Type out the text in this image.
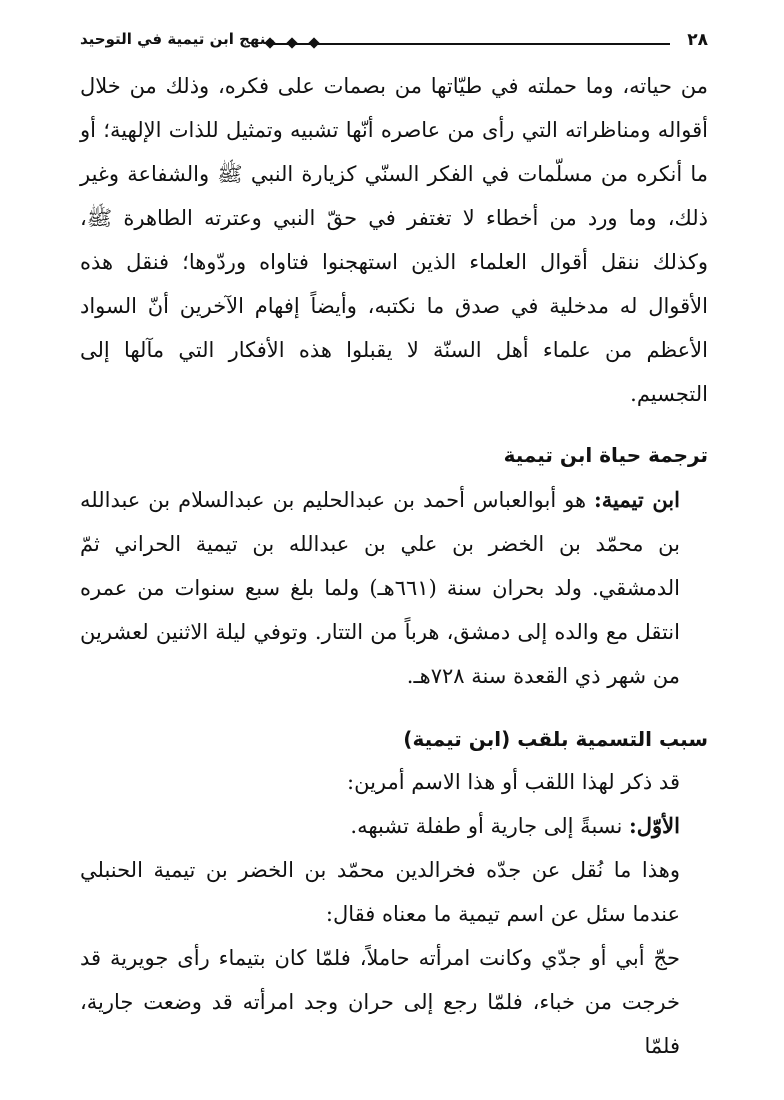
٢٨
منهج ابن تيمية في التوحيد

من حياته، وما حملته في طيّاتها من بصمات على فكره، وذلك من خلال أقواله ومناظراته التي رأى من عاصره أنّها تشبيه وتمثيل للذات الإلهية؛ أو ما أنكره من مسلّمات في الفكر السنّي كزيارة النبي ﷺ والشفاعة وغير ذلك، وما ورد من أخطاء لا تغتفر في حقّ النبي وعترته الطاهرة ﷺ، وكذلك ننقل أقوال العلماء الذين استهجنوا فتاواه وردّوها؛ فنقل هذه الأقوال له مدخلية في صدق ما نكتبه، وأيضاً إفهام الآخرين أنّ السواد الأعظم من علماء أهل السنّة لا يقبلوا هذه الأفكار التي مآلها إلى التجسيم.

ترجمة حياة ابن تيمية

ابن تيمية: هو أبوالعباس أحمد بن عبدالحليم بن عبدالسلام بن عبدالله بن محمّد بن الخضر بن علي بن عبدالله بن تيمية الحراني ثمّ الدمشقي. ولد بحران سنة (٦٦١هـ) ولما بلغ سبع سنوات من عمره انتقل مع والده إلى دمشق، هرباً من التتار. وتوفي ليلة الاثنين لعشرين من شهر ذي القعدة سنة ٧٢٨هـ.

سبب التسمية بلقب (ابن تيمية)

قد ذكر لهذا اللقب أو هذا الاسم أمرين:

الأوّل: نسبةً إلى جارية أو طفلة تشبهه.

وهذا ما نُقل عن جدّه فخرالدين محمّد بن الخضر بن تيمية الحنبلي عندما سئل عن اسم تيمية ما معناه فقال:

حجّ أبي أو جدّي وكانت امرأته حاملاً، فلمّا كان بتيماء رأى جويرية قد خرجت من خباء، فلمّا رجع إلى حران وجد امرأته قد وضعت جارية، فلمّا
